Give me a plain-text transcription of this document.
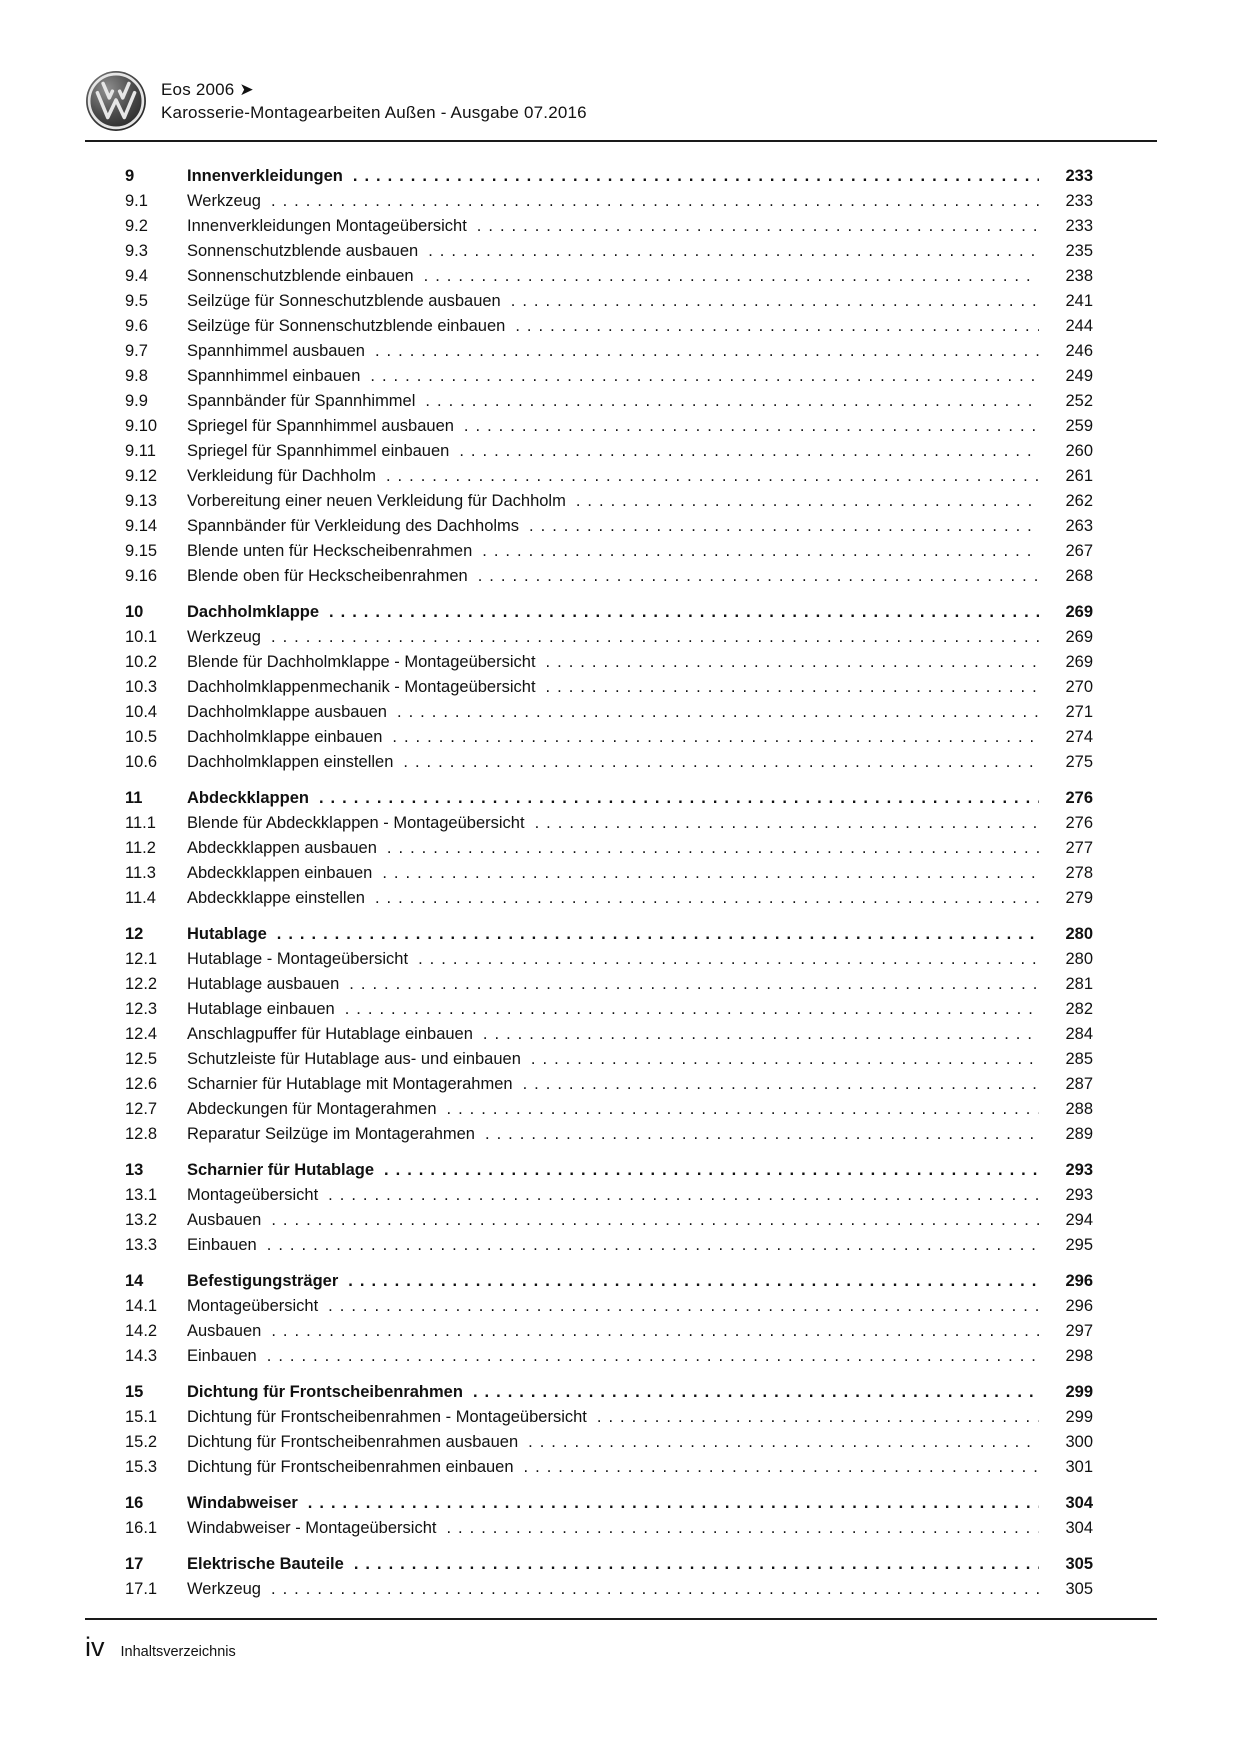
Eos 2006 ➤
Karosserie-Montagearbeiten Außen - Ausgabe 07.2016
9	Innenverkleidungen .....	233
9.1	Werkzeug .....	233
9.2	Innenverkleidungen Montageübersicht .....	233
9.3	Sonnenschutzblende ausbauen .....	235
9.4	Sonnenschutzblende einbauen .....	238
9.5	Seilzüge für Sonneschutzblende ausbauen .....	241
9.6	Seilzüge für Sonnenschutzblende einbauen .....	244
9.7	Spannhimmel ausbauen .....	246
9.8	Spannhimmel einbauen .....	249
9.9	Spannbänder für Spannhimmel .....	252
9.10	Spriegel für Spannhimmel ausbauen .....	259
9.11	Spriegel für Spannhimmel einbauen .....	260
9.12	Verkleidung für Dachholm .....	261
9.13	Vorbereitung einer neuen Verkleidung für Dachholm .....	262
9.14	Spannbänder für Verkleidung des Dachholms .....	263
9.15	Blende unten für Heckscheibenrahmen .....	267
9.16	Blende oben für Heckscheibenrahmen .....	268
10	Dachholmklappe .....	269
10.1	Werkzeug .....	269
10.2	Blende für Dachholmklappe - Montageübersicht .....	269
10.3	Dachholmklappenmechanik - Montageübersicht .....	270
10.4	Dachholmklappe ausbauen .....	271
10.5	Dachholmklappe einbauen .....	274
10.6	Dachholmklappen einstellen .....	275
11	Abdeckklappen .....	276
11.1	Blende für Abdeckklappen - Montageübersicht .....	276
11.2	Abdeckklappen ausbauen .....	277
11.3	Abdeckklappen einbauen .....	278
11.4	Abdeckklappe einstellen .....	279
12	Hutablage .....	280
12.1	Hutablage - Montageübersicht .....	280
12.2	Hutablage ausbauen .....	281
12.3	Hutablage einbauen .....	282
12.4	Anschlagpuffer für Hutablage einbauen .....	284
12.5	Schutzleiste für Hutablage aus- und einbauen .....	285
12.6	Scharnier für Hutablage mit Montagerahmen .....	287
12.7	Abdeckungen für Montagerahmen .....	288
12.8	Reparatur Seilzüge im Montagerahmen .....	289
13	Scharnier für Hutablage .....	293
13.1	Montageübersicht .....	293
13.2	Ausbauen .....	294
13.3	Einbauen .....	295
14	Befestigungsträger .....	296
14.1	Montageübersicht .....	296
14.2	Ausbauen .....	297
14.3	Einbauen .....	298
15	Dichtung für Frontscheibenrahmen .....	299
15.1	Dichtung für Frontscheibenrahmen - Montageübersicht .....	299
15.2	Dichtung für Frontscheibenrahmen ausbauen .....	300
15.3	Dichtung für Frontscheibenrahmen einbauen .....	301
16	Windabweiser .....	304
16.1	Windabweiser - Montageübersicht .....	304
17	Elektrische Bauteile .....	305
17.1	Werkzeug .....	305
iv Inhaltsverzeichnis
